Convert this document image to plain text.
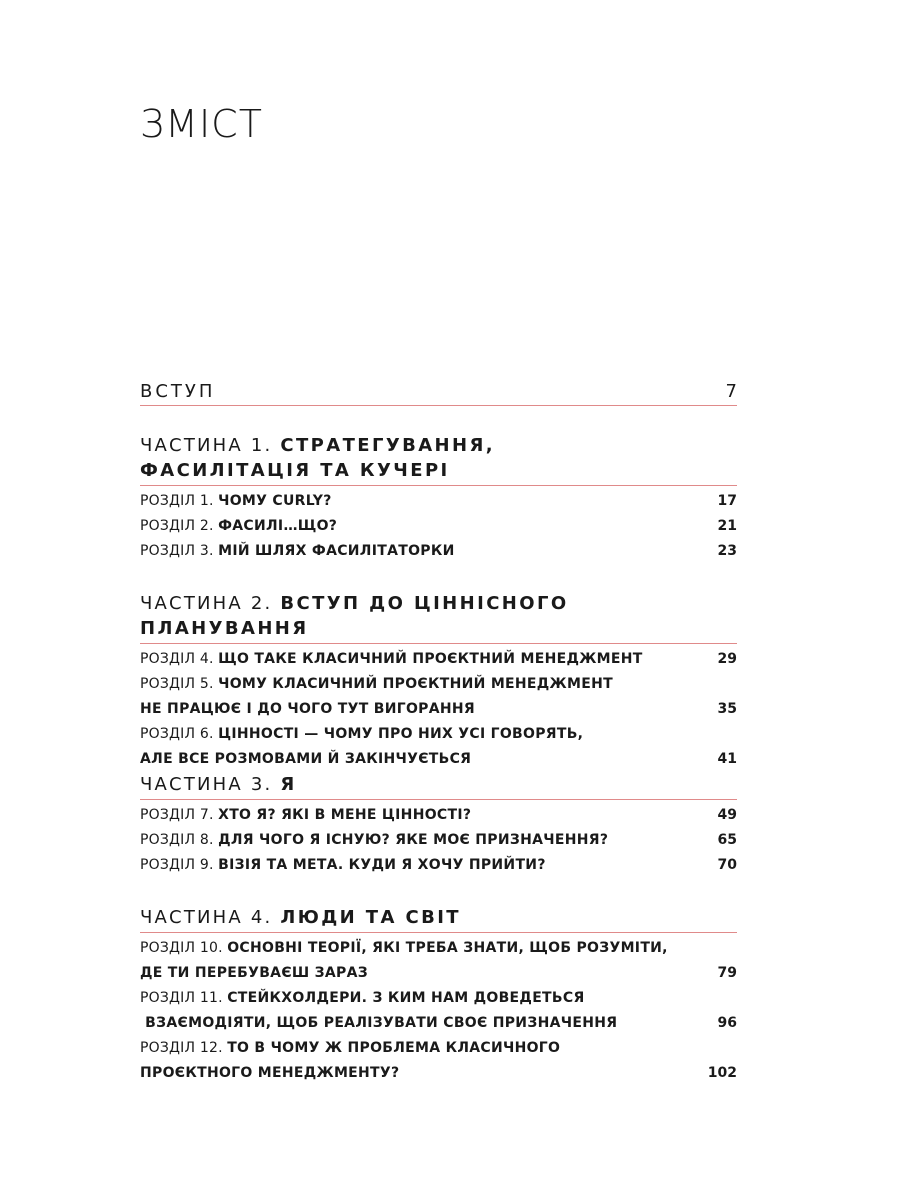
ЗМІСТ
ВСТУП	7
ЧАСТИНА 1. СТРАТЕГУВАННЯ,
ФАСИЛІТАЦІЯ ТА КУЧЕРІ
РОЗДІЛ 1. ЧОМУ CURLY?	17
РОЗДІЛ 2. ФАСИЛІ…ЩО?	21
РОЗДІЛ 3. МІЙ ШЛЯХ ФАСИЛІТАТОРКИ	23
ЧАСТИНА 2. ВСТУП ДО ЦІННІСНОГО ПЛАНУВАННЯ
РОЗДІЛ 4. ЩО ТАКЕ КЛАСИЧНИЙ ПРОЄКТНИЙ МЕНЕДЖМЕНТ	29
РОЗДІЛ 5. ЧОМУ КЛАСИЧНИЙ ПРОЄКТНИЙ МЕНЕДЖМЕНТ
НЕ ПРАЦЮЄ І ДО ЧОГО ТУТ ВИГОРАННЯ	35
РОЗДІЛ 6. ЦІННОСТІ — ЧОМУ ПРО НИХ УСІ ГОВОРЯТЬ,
АЛЕ ВСЕ РОЗМОВАМИ Й ЗАКІНЧУЄТЬСЯ	41
ЧАСТИНА 3. Я
РОЗДІЛ 7. ХТО Я? ЯКІ В МЕНЕ ЦІННОСТІ?	49
РОЗДІЛ 8. ДЛЯ ЧОГО Я ІСНУЮ? ЯКЕ МОЄ ПРИЗНАЧЕННЯ?	65
РОЗДІЛ 9. ВІЗІЯ ТА МЕТА. КУДИ Я ХОЧУ ПРИЙТИ?	70
ЧАСТИНА 4. ЛЮДИ ТА СВІТ
РОЗДІЛ 10. ОСНОВНІ ТЕОРІЇ, ЯКІ ТРЕБА ЗНАТИ, ЩОБ РОЗУМІТИ,
ДЕ ТИ ПЕРЕБУВАЄШ ЗАРАЗ	79
РОЗДІЛ 11. СТЕЙКХОЛДЕРИ. З КИМ НАМ ДОВЕДЕТЬСЯ
ВЗАЄМОДІЯТИ, ЩОБ РЕАЛІЗУВАТИ СВОЄ ПРИЗНАЧЕННЯ	96
РОЗДІЛ 12. ТО В ЧОМУ Ж ПРОБЛЕМА КЛАСИЧНОГО
ПРОЄКТНОГО МЕНЕДЖМЕНТУ?	102
